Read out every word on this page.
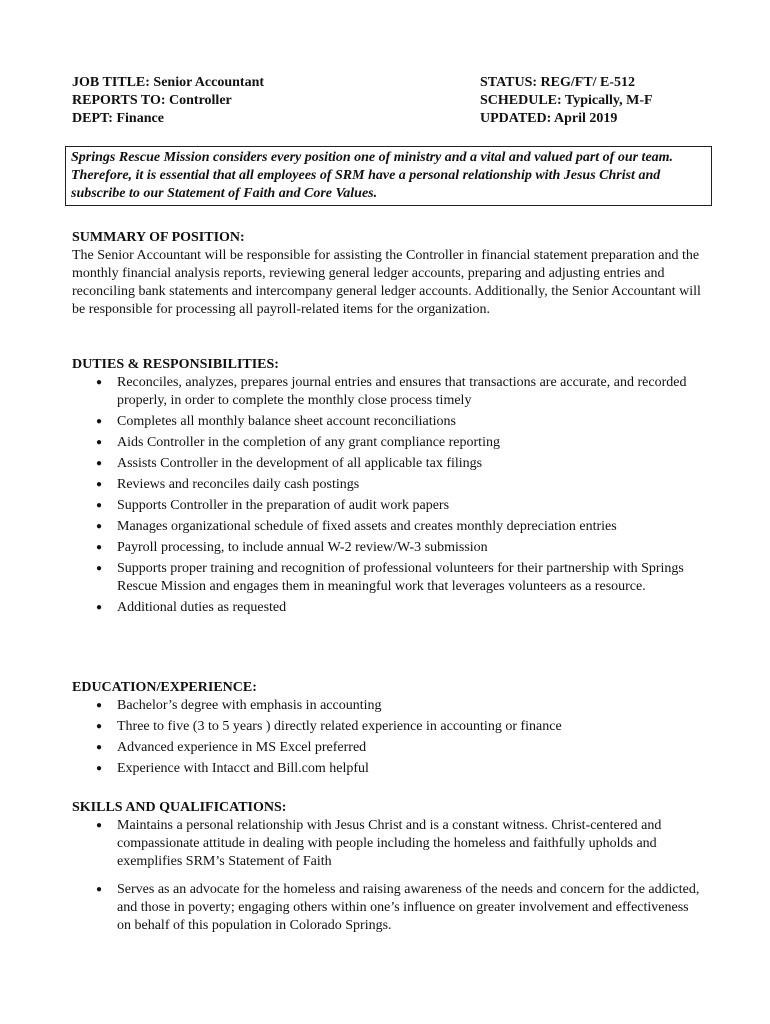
JOB TITLE: Senior Accountant
REPORTS TO: Controller
DEPT: Finance
STATUS: REG/FT/ E-512
SCHEDULE: Typically, M-F
UPDATED: April 2019
Springs Rescue Mission considers every position one of ministry and a vital and valued part of our team. Therefore, it is essential that all employees of SRM have a personal relationship with Jesus Christ and subscribe to our Statement of Faith and Core Values.
SUMMARY OF POSITION:
The Senior Accountant will be responsible for assisting the Controller in financial statement preparation and the monthly financial analysis reports, reviewing general ledger accounts, preparing and adjusting entries and reconciling bank statements and intercompany general ledger accounts. Additionally, the Senior Accountant will be responsible for processing all payroll-related items for the organization.
DUTIES & RESPONSIBILITIES:
● Reconciles, analyzes, prepares journal entries and ensures that transactions are accurate, and recorded properly, in order to complete the monthly close process timely
● Completes all monthly balance sheet account reconciliations
● Aids Controller in the completion of any grant compliance reporting
● Assists Controller in the development of all applicable tax filings
● Reviews and reconciles daily cash postings
● Supports Controller in the preparation of audit work papers
● Manages organizational schedule of fixed assets and creates monthly depreciation entries
● Payroll processing, to include annual W-2 review/W-3 submission
● Supports proper training and recognition of professional volunteers for their partnership with Springs Rescue Mission and engages them in meaningful work that leverages volunteers as a resource.
● Additional duties as requested
EDUCATION/EXPERIENCE:
● Bachelor’s degree with emphasis in accounting
● Three to five (3 to 5 years ) directly related experience in accounting or finance
● Advanced experience in MS Excel preferred
● Experience with Intacct and Bill.com helpful
SKILLS AND QUALIFICATIONS:
● Maintains a personal relationship with Jesus Christ and is a constant witness. Christ-centered and compassionate attitude in dealing with people including the homeless and faithfully upholds and exemplifies SRM’s Statement of Faith
● Serves as an advocate for the homeless and raising awareness of the needs and concern for the addicted, and those in poverty; engaging others within one’s influence on greater involvement and effectiveness on behalf of this population in Colorado Springs.
